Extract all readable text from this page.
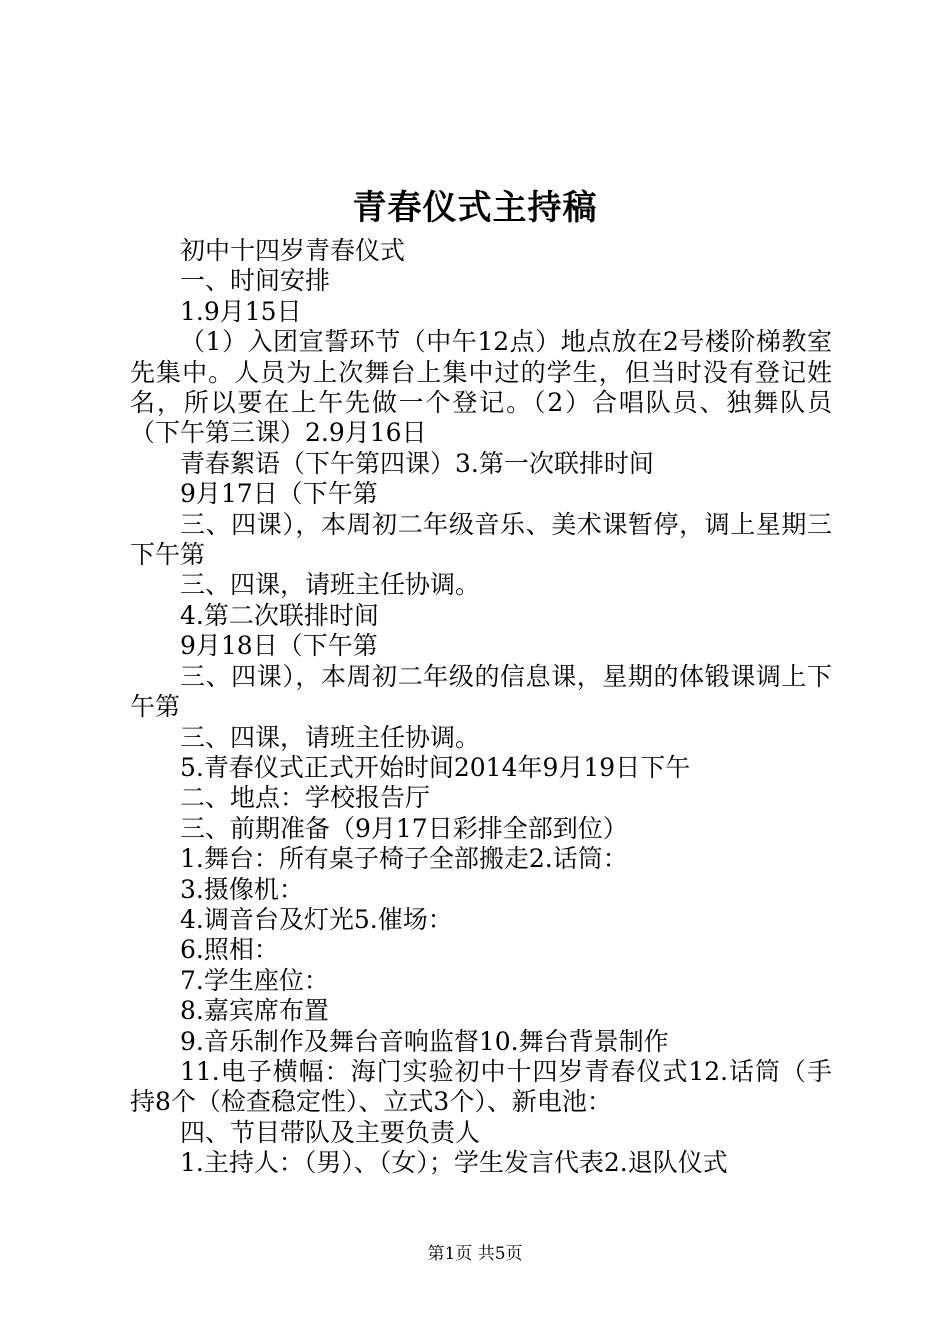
青春仪式主持稿

初中十四岁青春仪式

一、时间安排

1.9月15日

（1）入团宣誓环节（中午12点）地点放在2号楼阶梯教室先集中。人员为上次舞台上集中过的学生，但当时没有登记姓名，所以要在上午先做一个登记。（2）合唱队员、独舞队员（下午第三课）2.9月16日

青春絮语（下午第四课）3.第一次联排时间

9月17日（下午第

三、四课），本周初二年级音乐、美术课暂停，调上星期三下午第

三、四课，请班主任协调。

4.第二次联排时间

9月18日（下午第

三、四课），本周初二年级的信息课，星期的体锻课调上下午第

三、四课，请班主任协调。

5.青春仪式正式开始时间2014年9月19日下午

二、地点：学校报告厅

三、前期准备（9月17日彩排全部到位）

1.舞台：所有桌子椅子全部搬走2.话筒：

3.摄像机：

4.调音台及灯光5.催场：

6.照相：

7.学生座位：

8.嘉宾席布置

9.音乐制作及舞台音响监督10.舞台背景制作

11.电子横幅：海门实验初中十四岁青春仪式12.话筒（手持8个（检查稳定性）、立式3个）、新电池：

四、节目带队及主要负责人

1.主持人：（男）、（女）；学生发言代表2.退队仪式

第1页 共5页
